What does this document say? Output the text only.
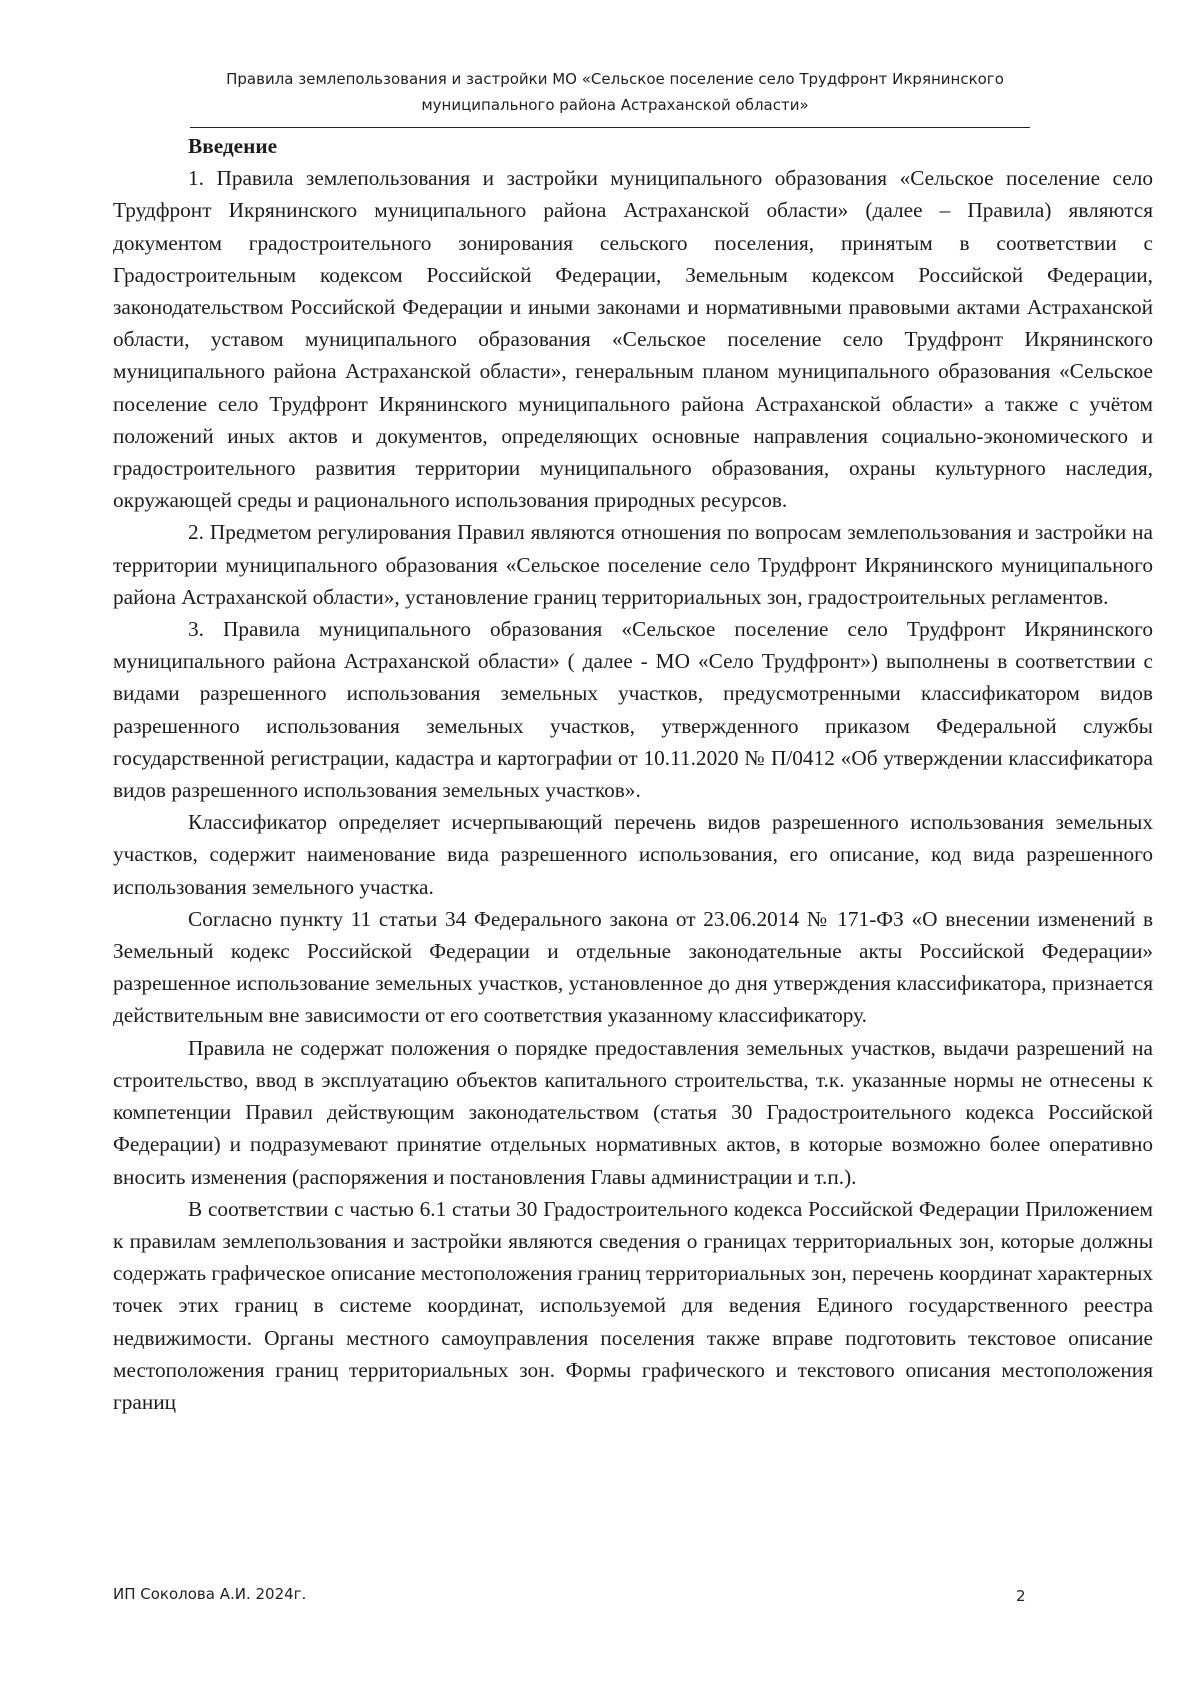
Правила землепользования и застройки МО «Сельское поселение село Трудфронт Икрянинского
муниципального района Астраханской области»

Введение

1. Правила землепользования и застройки муниципального образования «Сельское поселение село Трудфронт Икрянинского муниципального района Астраханской области» (далее – Правила) являются документом градостроительного зонирования сельского поселения, принятым в соответствии с Градостроительным кодексом Российской Федерации, Земельным кодексом Российской Федерации, законодательством Российской Федерации и иными законами и нормативными правовыми актами Астраханской области, уставом муниципального образования «Сельское поселение село Трудфронт Икрянинского муниципального района Астраханской области», генеральным планом муниципального образования «Сельское поселение село Трудфронт Икрянинского муниципального района Астраханской области» а также с учётом положений иных актов и документов, определяющих основные направления социально-экономического и градостроительного развития территории муниципального образования, охраны культурного наследия, окружающей среды и рационального использования природных ресурсов.

2. Предметом регулирования Правил являются отношения по вопросам землепользования и застройки на территории муниципального образования «Сельское поселение село Трудфронт Икрянинского муниципального района Астраханской области», установление границ территориальных зон, градостроительных регламентов.

3. Правила муниципального образования «Сельское поселение село Трудфронт Икрянинского муниципального района Астраханской области» ( далее - МО «Село Трудфронт») выполнены в соответствии с видами разрешенного использования земельных участков, предусмотренными классификатором видов разрешенного использования земельных участков, утвержденного приказом Федеральной службы государственной регистрации, кадастра и картографии от 10.11.2020 № П/0412 «Об утверждении классификатора видов разрешенного использования земельных участков».

Классификатор определяет исчерпывающий перечень видов разрешенного использования земельных участков, содержит наименование вида разрешенного использования, его описание, код вида разрешенного использования земельного участка.

Согласно пункту 11 статьи 34 Федерального закона от 23.06.2014 № 171-ФЗ «О внесении изменений в Земельный кодекс Российской Федерации и отдельные законодательные акты Российской Федерации» разрешенное использование земельных участков, установленное до дня утверждения классификатора, признается действительным вне зависимости от его соответствия указанному классификатору.

Правила не содержат положения о порядке предоставления земельных участков, выдачи разрешений на строительство, ввод в эксплуатацию объектов капитального строительства, т.к. указанные нормы не отнесены к компетенции Правил действующим законодательством (статья 30 Градостроительного кодекса Российской Федерации) и подразумевают принятие отдельных нормативных актов, в которые возможно более оперативно вносить изменения (распоряжения и постановления Главы администрации и т.п.).

В соответствии с частью 6.1 статьи 30 Градостроительного кодекса Российской Федерации Приложением к правилам землепользования и застройки являются сведения о границах территориальных зон, которые должны содержать графическое описание местоположения границ территориальных зон, перечень координат характерных точек этих границ в системе координат, используемой для ведения Единого государственного реестра недвижимости. Органы местного самоуправления поселения также вправе подготовить текстовое описание местоположения границ территориальных зон. Формы графического и текстового описания местоположения границ

ИП Соколова А.И. 2024г.	2
